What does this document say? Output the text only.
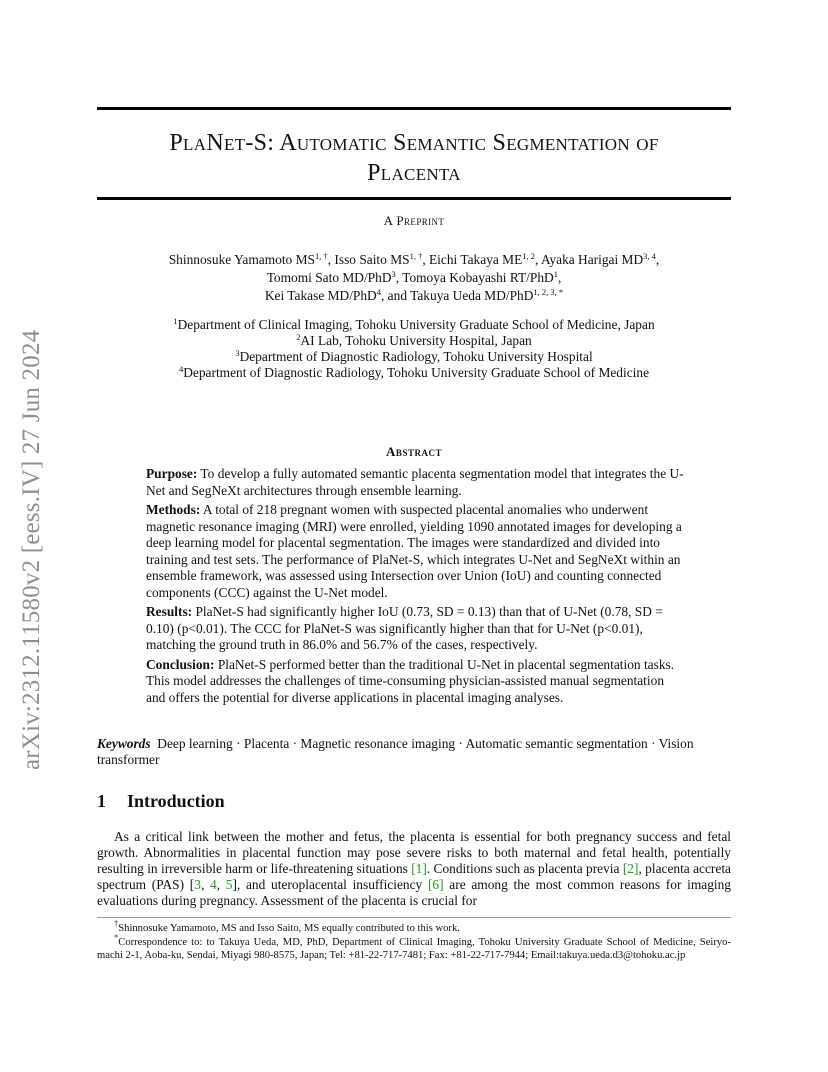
arXiv:2312.11580v2 [eess.IV] 27 Jun 2024
PlaNet-S: Automatic Semantic Segmentation of
Placenta
A Preprint
Shinnosuke Yamamoto $MS^{1, \dagger}$, Isso Saito $MS^{1, \dagger}$, Eichi Takaya ME$^{1, 2}$, Ayaka Harigai MD$^{3, 4}$,
Tomomi Sato MD/PhD$^3$, Tomoya Kobayashi RT/PhD$^1$,
Kei Takase MD/PhD$^4$, and Takuya Ueda MD/PhD$^{1, 2, 3, *}$
$^1$Department of Clinical Imaging, Tohoku University Graduate School of Medicine, Japan
$^2$AI Lab, Tohoku University Hospital, Japan
$^3$Department of Diagnostic Radiology, Tohoku University Hospital
$^4$Department of Diagnostic Radiology, Tohoku University Graduate School of Medicine
Abstract

Purpose: To develop a fully automated semantic placenta segmentation model that integrates the U-Net and SegNeXt architectures through ensemble learning.

Methods: A total of 218 pregnant women with suspected placental anomalies who underwent magnetic resonance imaging (MRI) were enrolled, yielding 1090 annotated images for developing a deep learning model for placental segmentation. The images were standardized and divided into training and test sets. The performance of PlaNet-S, which integrates U-Net and SegNeXt within an ensemble framework, was assessed using Intersection over Union (IoU) and counting connected components (CCC) against the U-Net model.

Results: PlaNet-S had significantly higher IoU (0.73, SD = 0.13) than that of U-Net (0.78, SD = 0.10) (p<0.01). The CCC for PlaNet-S was significantly higher than that for U-Net (p<0.01), matching the ground truth in 86.0% and 56.7% of the cases, respectively.

Conclusion: PlaNet-S performed better than the traditional U-Net in placental segmentation tasks. This model addresses the challenges of time-consuming physician-assisted manual segmentation and offers the potential for diverse applications in placental imaging analyses.

Keywords Deep learning · Placenta · Magnetic resonance imaging · Automatic semantic segmentation · Vision transformer
1 Introduction
As a critical link between the mother and fetus, the placenta is essential for both pregnancy success and fetal growth. Abnormalities in placental function may pose severe risks to both maternal and fetal health, potentially resulting in irreversible harm or life-threatening situations [1]. Conditions such as placenta previa [2], placenta accreta spectrum (PAS) [3, 4, 5], and uteroplacental insufficiency [6] are among the most common reasons for imaging evaluations during pregnancy. Assessment of the placenta is crucial for

†Shinnosuke Yamamoto, MS and Isso Saito, MS equally contributed to this work.

*Correspondence to: to Takuya Ueda, MD, PhD, Department of Clinical Imaging, Tohoku University Graduate School of Medicine, Seiryo-machi 2-1, Aoba-ku, Sendai, Miyagi 980-8575, Japan; Tel: +81-22-717-7481; Fax: +81-22-717-7944; Email:takuya.ueda.d3@tohoku.ac.jp
